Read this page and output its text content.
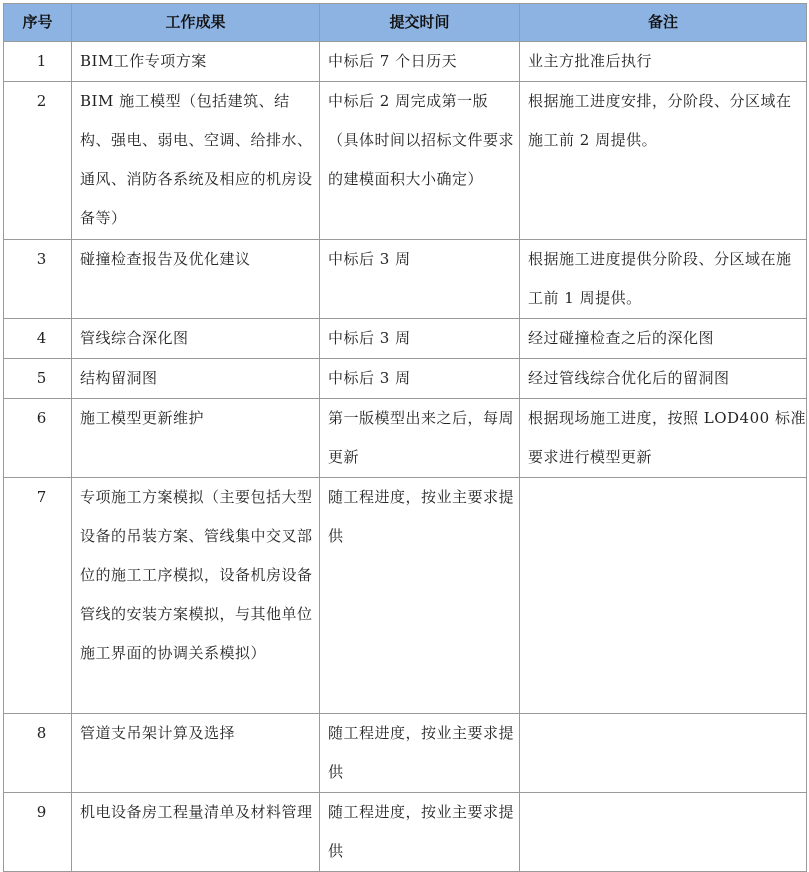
序号	工作成果	提交时间	备注
1	BIM工作专项方案	中标后 7 个日历天	业主方批准后执行
2	BIM 施工模型（包括建筑、结构、强电、弱电、空调、给排水、通风、消防各系统及相应的机房设备等）	中标后 2 周完成第一版（具体时间以招标文件要求的建模面积大小确定）	根据施工进度安排，分阶段、分区域在施工前 2 周提供。
3	碰撞检查报告及优化建议	中标后 3 周	根据施工进度提供分阶段、分区域在施工前 1 周提供。
4	管线综合深化图	中标后 3 周	经过碰撞检查之后的深化图
5	结构留洞图	中标后 3 周	经过管线综合优化后的留洞图
6	施工模型更新维护	第一版模型出来之后，每周更新	根据现场施工进度，按照 LOD400 标准要求进行模型更新
7	专项施工方案模拟（主要包括大型设备的吊装方案、管线集中交叉部位的施工工序模拟，设备机房设备管线的安装方案模拟，与其他单位施工界面的协调关系模拟）	随工程进度，按业主要求提供	
8	管道支吊架计算及选择	随工程进度，按业主要求提供	
9	机电设备房工程量清单及材料管理	随工程进度，按业主要求提供	
